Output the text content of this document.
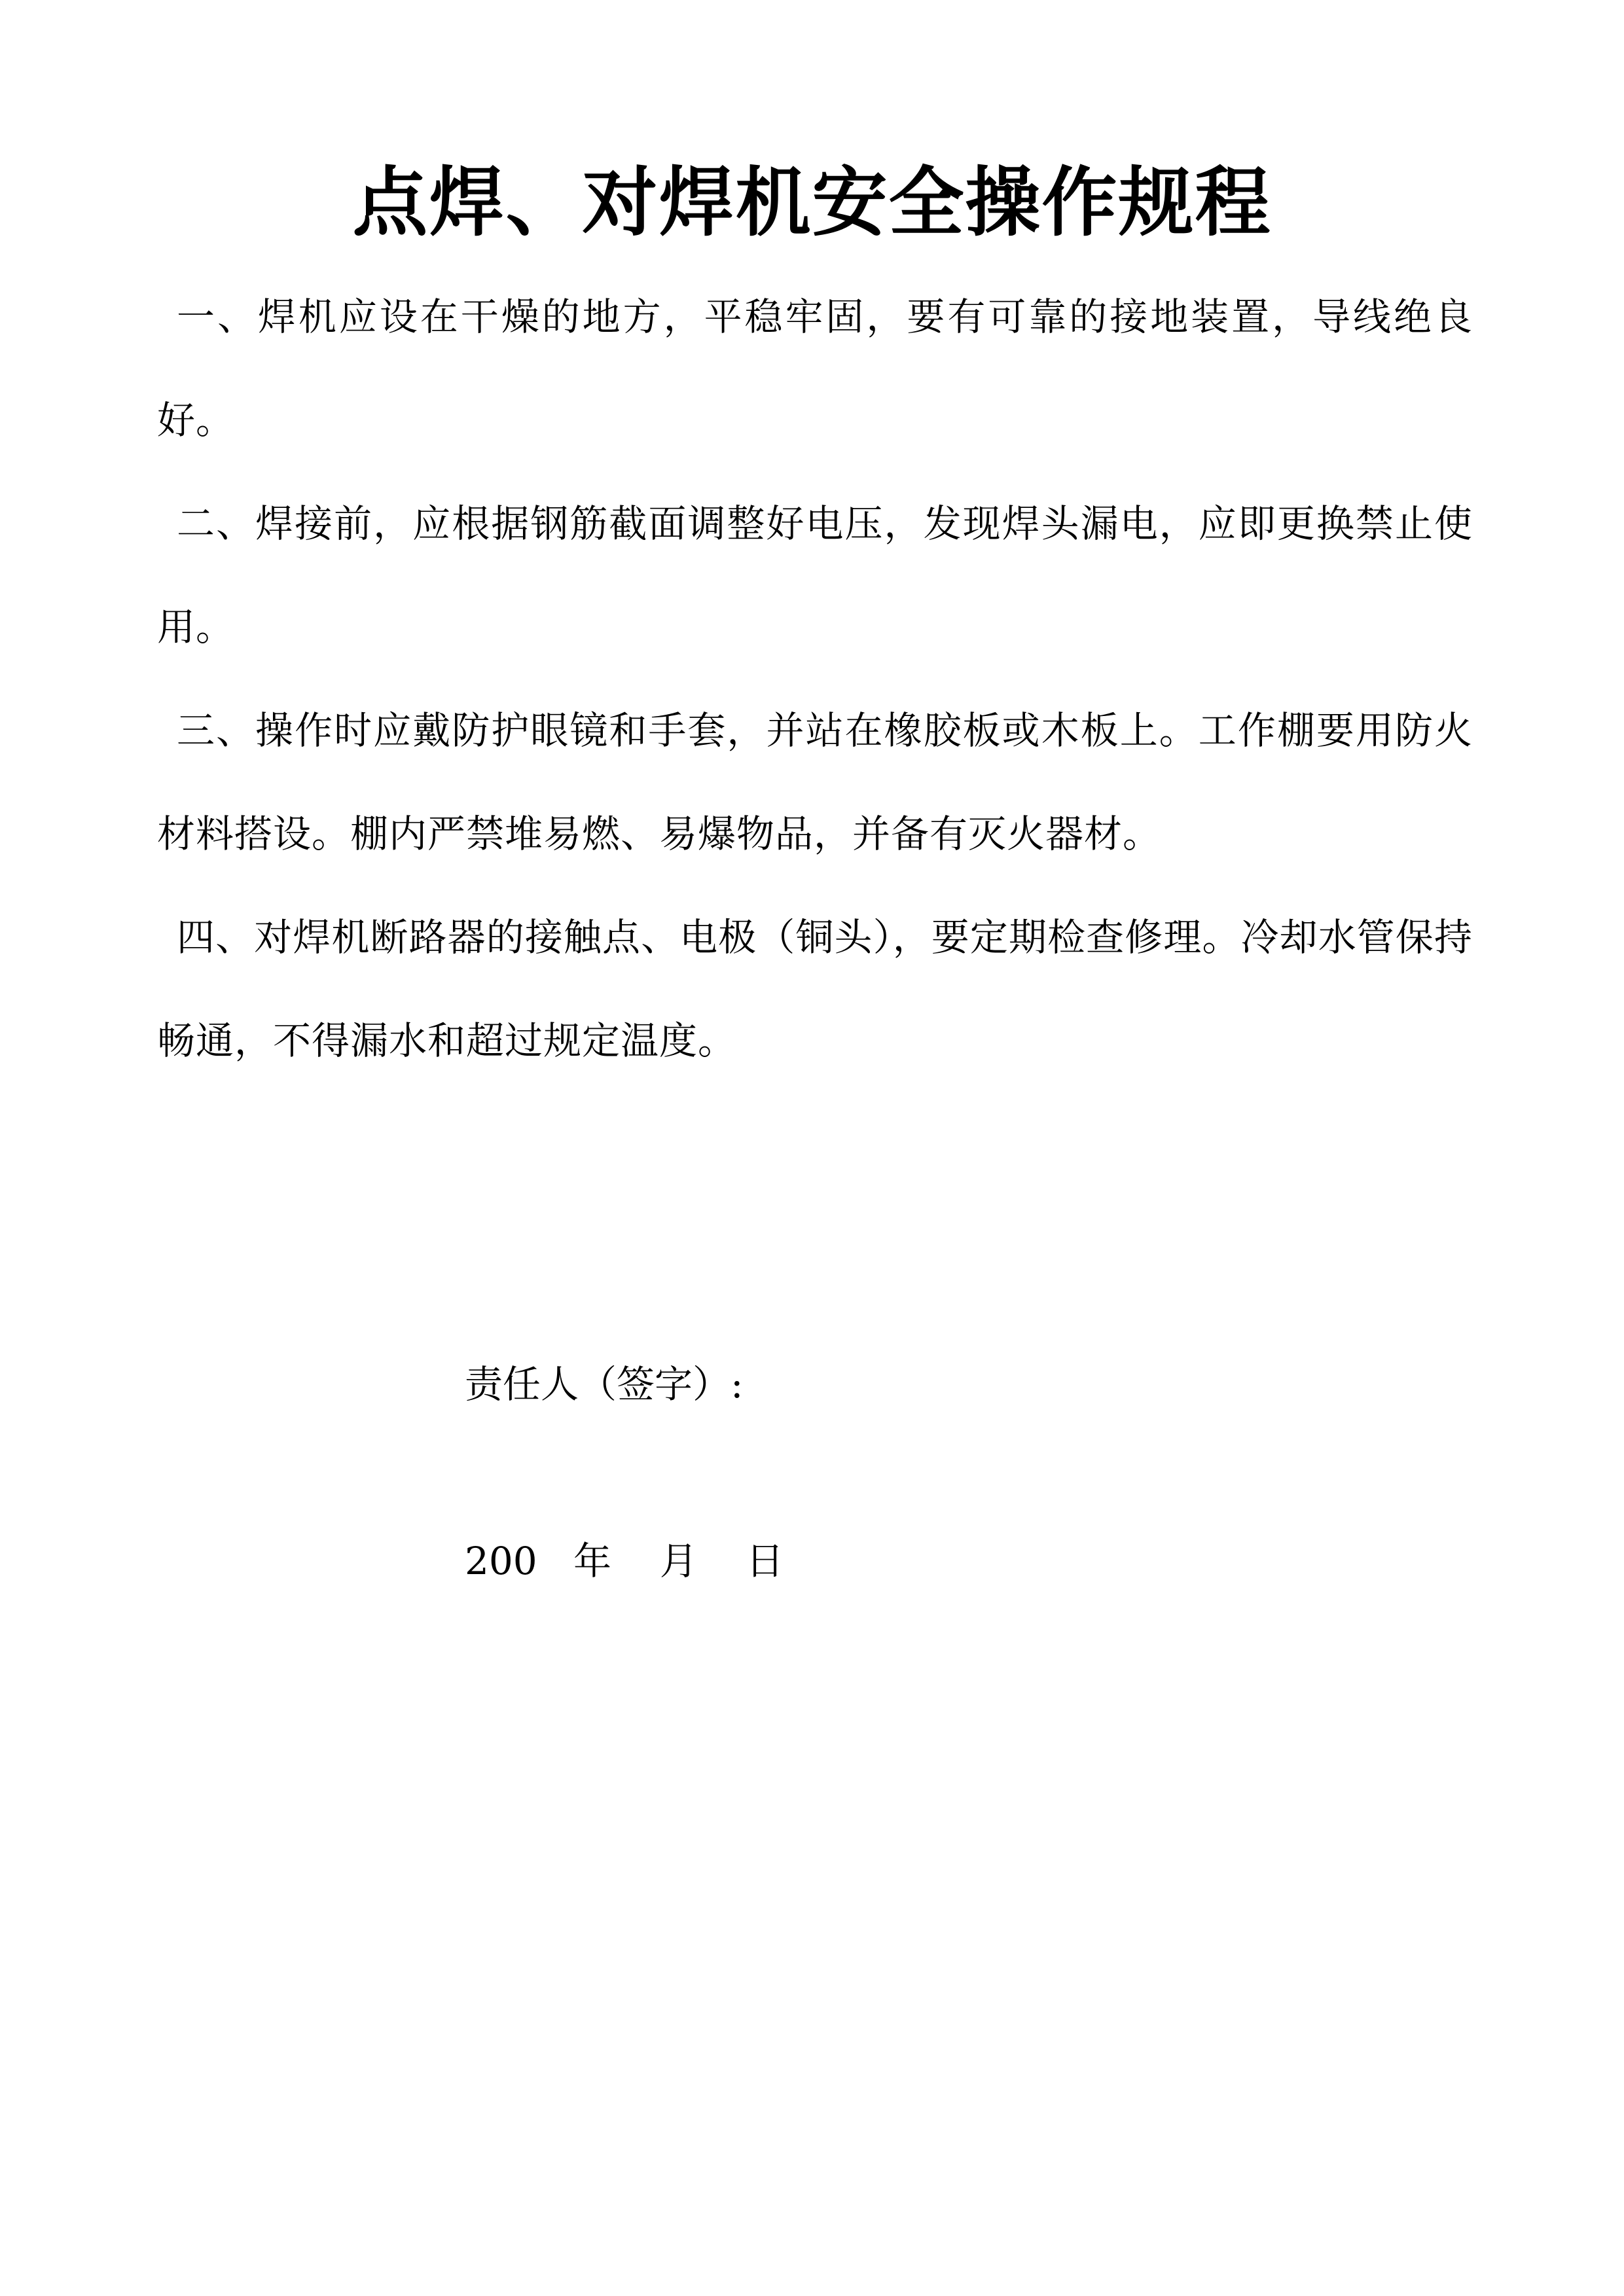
点焊、对焊机安全操作规程

一、焊机应设在干燥的地方，平稳牢固，要有可靠的接地装置，导线绝良好。

二、焊接前，应根据钢筋截面调整好电压，发现焊头漏电，应即更换禁止使用。

三、操作时应戴防护眼镜和手套，并站在橡胶板或木板上。工作棚要用防火材料搭设。棚内严禁堆易燃、易爆物品，并备有灭火器材。

四、对焊机断路器的接触点、电极（铜头），要定期检查修理。冷却水管保持畅通，不得漏水和超过规定温度。

责任人（签字）:
200   年    月    日
